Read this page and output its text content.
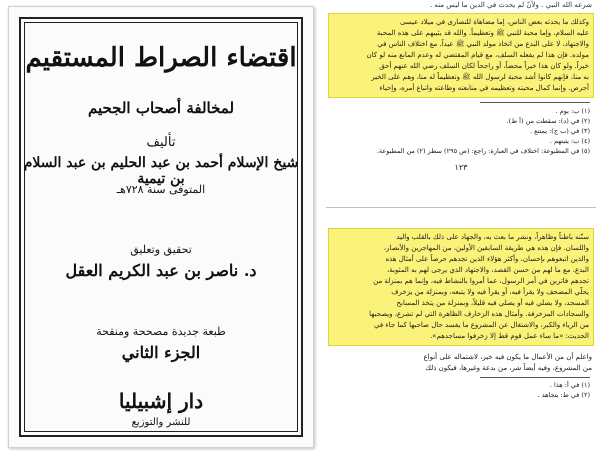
اقتضاء الصراط المستقيم
لمخالفة أصحاب الجحيم
تأليف
شيخ الإسلام أحمد بن عبد الحليم بن عبد السلام بن تيمية
المتوفى سنة ٧٢٨هـ
تحقيق وتعليق
د. ناصر بن عبد الكريم العقل
طبعة جديدة مصححة ومنقحة
الجزء الثاني
دار إشبيليا
للنشر والتوزيع
شرعه الله النبي . ولأنّ لم يحدث في الدين ما ليس منه .
وكذلك ما يحدثه بعض الناس، إما مضاهاة للنصارى في ميلاد عيسى
عليه السلام، وإما محبة للنبي ﷺ وتعظيماً. والله قد يثيبهم على هذه المحبة
والاجتهاد، لا على البدع من اتخاذ مولد النبي ﷺ عيداً. مع اختلاف الناس في
مولده. فإن هذا لم يفعله السلف، مع قيام المقتضي له وعدم المانع منه لو كان
خيراً. ولو كان هذا خيراً محضاً، أو راجحاً لكان السلف رضي الله عنهم أحق
به منا، فإنهم كانوا أشد محبة لرسول الله ﷺ وتعظيماً له منا، وهم على الخير
أحرص. وإنما كمال محبته وتعظيمه في متابعته وطاعته واتباع أمره، وإحياء
(١) ب: يوم .
(٢) في (د): سقطت من (أ ط).
(٣) في (ب ج): يمتنع .
(٤) ب: يثبتهم .
(٥) في المطبوعة: اختلاف في العبارة: راجع: (ص ٢٩٥) سطر (٢) من المطبوعة.
١٢٣
سنّته باطناً وظاهراً، ونشر ما بعث به، والجهاد على ذلك بالقلب واليد
واللسان. فإن هذه هي طريقة السابقين الأولين، من المهاجرين والأنصار،
والذين اتبعوهم بإحسان. وأكثر هؤلاء الذين تجدهم حرصاً على أمثال هذه
البدع، مع ما لهم من حسن القصد، والاجتهاد الذي يرجى لهم به المثوبة،
تجدهم فاترين في أمر الرسول، عما أمروا بالنشاط فيه، وإنما هم بمنزلة من
يحلّي المصحف ولا يقرأ فيه، أو يقرأ فيه ولا يتبعه، وبمنزلة من يزخرف
المسجد، ولا يصلي فيه أو يصلي فيه قليلاً، وبمنزلة من يتخذ المسابح
والسجادات المزخرفة. وأمثال هذه الزخارف الظاهرة التي لم تشرع، ويصحبها
من الرياء والكبر، والاشتغال عن المشروع ما يفسد حال صاحبها كما جاء في
الحديث: «ما ساء عمل قوم قط إلا زخرفوا مساجدهم».
واعلم أن من الأعمال ما يكون فيه خير، لاشتماله على أنواع
من المشروع، وفيه أيضاً شر، من بدعة وغيرها، فيكون ذلك
(١) في أ: هذا .
(٢) في ط: يتجاهد .
